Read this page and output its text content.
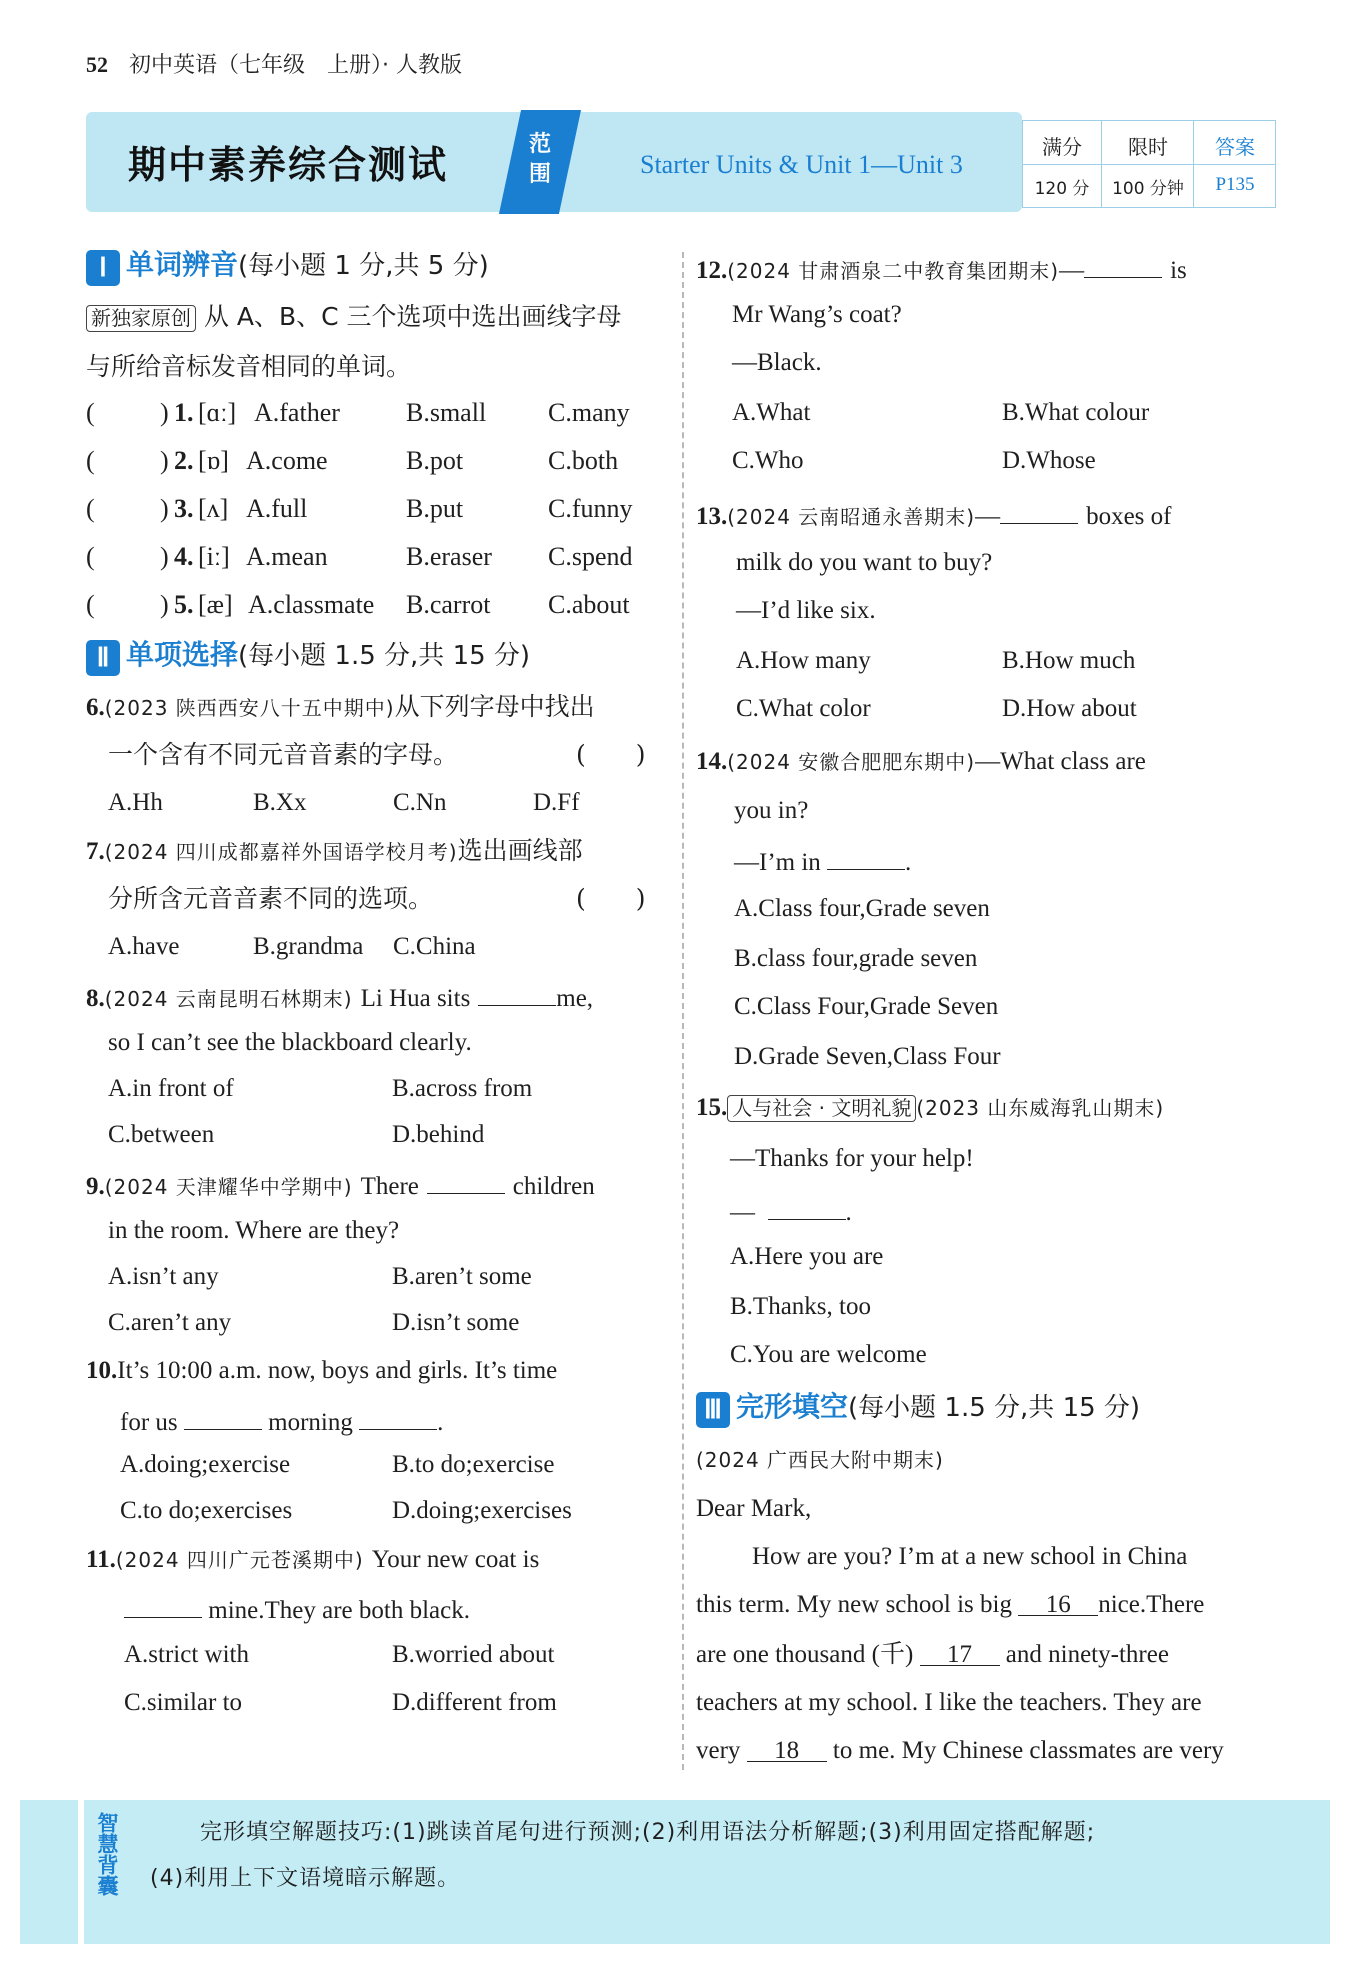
52 初中英语（七年级　上册）· 人教版
期中素养综合测试	范围	Starter Units & Unit 1—Unit 3
满分	限时	答案
120 分	100 分钟	P135
Ⅰ 单词辨音(每小题 1 分,共 5 分)
新独家原创 从 A、B、C 三个选项中选出画线字母
与所给音标发音相同的单词。
(	) 1. [ɑː] A.father	B.small C.many
(	) 2. [ɒ] A.come	B.pot	C.both
(	) 3. [ʌ] A.full	B.put	C.funny
(	) 4. [iː] A.mean	B.eraser C.spend
(	) 5. [æ] A.classmate B.carrot C.about
Ⅱ 单项选择(每小题 1.5 分,共 15 分)
6.(2023 陕西西安八十五中期中)从下列字母中找出
一个含有不同元音音素的字母。	(　　)
A.Hh	B.Xx	C.Nn	D.Ff
7.(2024 四川成都嘉祥外国语学校月考)选出画线部
分所含元音音素不同的选项。	(　　)
A.have	B.grandma C.China
8.(2024 云南昆明石林期末) Li Hua sits	me,
so I can’t see the blackboard clearly.
A.in front of	B.across from
C.between	D.behind
9.(2024 天津耀华中学期中) There	children
in the room. Where are they?
A.isn’t any	B.aren’t some
C.aren’t any	D.isn’t some
10.It’s 10:00 a.m. now, boys and girls. It’s time
for us	morning	.
A.doing;exercise	B.to do;exercise
C.to do;exercises	D.doing;exercises
11.(2024 四川广元苍溪期中) Your new coat is
mine.They are both black.
A.strict with	B.worried about
C.similar to	D.different from
12.(2024 甘肃酒泉二中教育集团期末)—	is
Mr Wang’s coat?
—Black.
A.What	B.What colour
C.Who	D.Whose
13.(2024 云南昭通永善期末)—	boxes of
milk do you want to buy?
—I’d like six.
A.How many	B.How much
C.What color	D.How about
14.(2024 安徽合肥肥东期中)—What class are
you in?
—I’m in	.
A.Class four,Grade seven
B.class four,grade seven
C.Class Four,Grade Seven
D.Grade Seven,Class Four
15. 人与社会 · 文明礼貌 (2023 山东威海乳山期末)
—Thanks for your help!
—	.
A.Here you are
B.Thanks, too
C.You are welcome
Ⅲ 完形填空(每小题 1.5 分,共 15 分)
(2024 广西民大附中期末)
Dear Mark,
How are you? I’m at a new school in China
this term. My new school is big 16 nice.There
are one thousand (千) 17 and ninety-three
teachers at my school. I like the teachers. They are
very 18 to me. My Chinese classmates are very
智慧背囊	完形填空解题技巧:(1)跳读首尾句进行预测;(2)利用语法分析解题;(3)利用固定搭配解题;
(4)利用上下文语境暗示解题。
